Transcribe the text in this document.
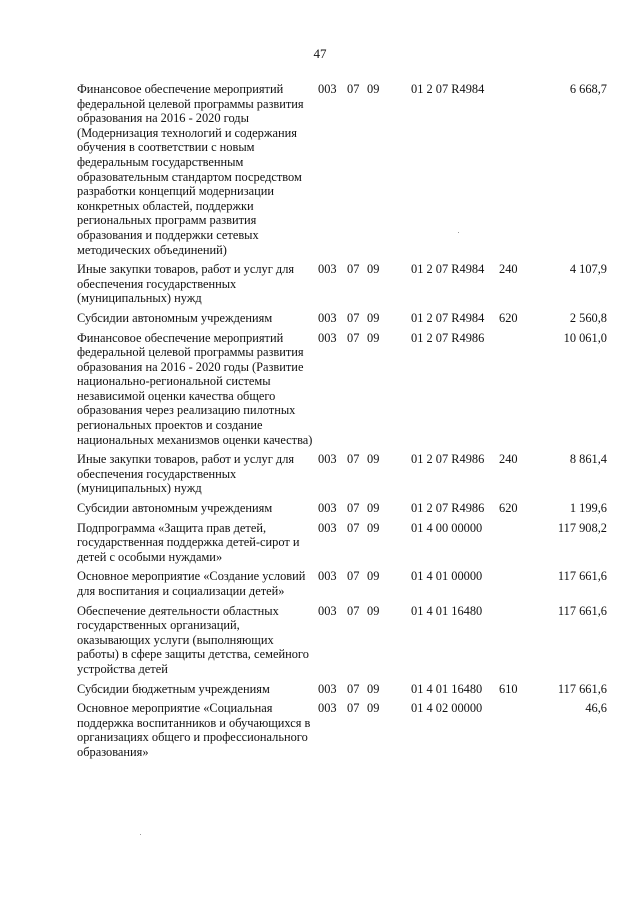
47
Финансовое обеспечение мероприятий федеральной целевой программы развития образования на 2016 - 2020 годы (Модернизация технологий и содержания обучения в соответствии с новым федеральным государственным образовательным стандартом посредством разработки концепций модернизации конкретных областей, поддержки региональных программ развития образования и поддержки сетевых методических объединений)	003	07	09	01 2 07 R4984		6 668,7
Иные закупки товаров, работ и услуг для обеспечения государственных (муниципальных) нужд	003	07	09	01 2 07 R4984	240	4 107,9
Субсидии автономным учреждениям	003	07	09	01 2 07 R4984	620	2 560,8
Финансовое обеспечение мероприятий федеральной целевой программы развития образования на 2016 - 2020 годы (Развитие национально-региональной системы независимой оценки качества общего образования через реализацию пилотных региональных проектов и создание национальных механизмов оценки качества)	003	07	09	01 2 07 R4986		10 061,0
Иные закупки товаров, работ и услуг для обеспечения государственных (муниципальных) нужд	003	07	09	01 2 07 R4986	240	8 861,4
Субсидии автономным учреждениям	003	07	09	01 2 07 R4986	620	1 199,6
Подпрограмма «Защита прав детей, государственная поддержка детей-сирот и детей с особыми нуждами»	003	07	09	01 4 00 00000		117 908,2
Основное мероприятие «Создание условий для воспитания и социализации детей»	003	07	09	01 4 01 00000		117 661,6
Обеспечение деятельности областных государственных организаций, оказывающих услуги (выполняющих работы) в сфере защиты детства, семейного устройства детей	003	07	09	01 4 01 16480		117 661,6
Субсидии бюджетным учреждениям	003	07	09	01 4 01 16480	610	117 661,6
Основное мероприятие «Социальная поддержка воспитанников и обучающихся в организациях общего и профессионального образования»	003	07	09	01 4 02 00000		46,6
